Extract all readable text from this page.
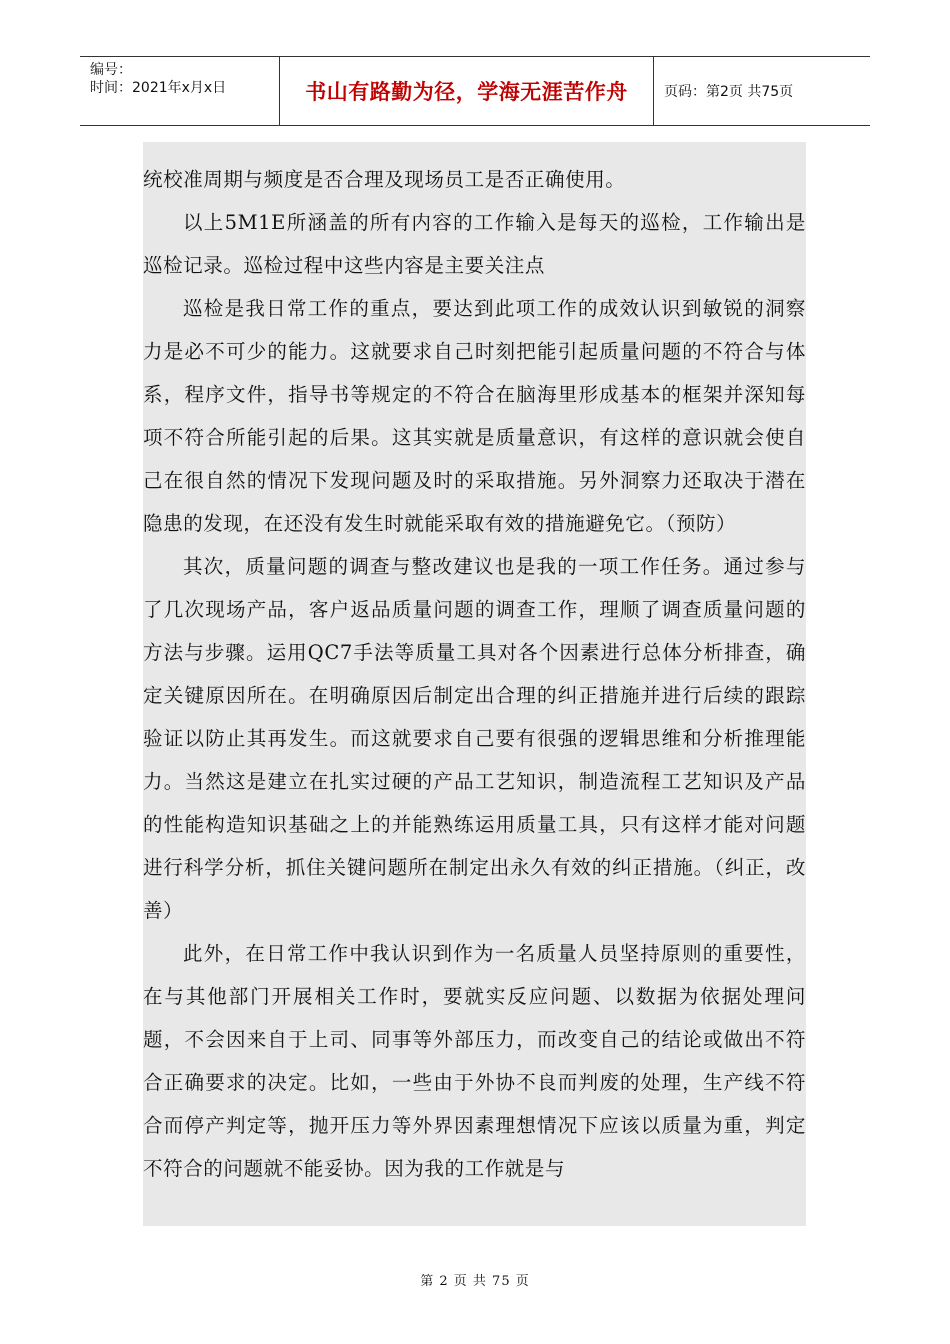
编号：
时间：2021年x月x日	书山有路勤为径，学海无涯苦作舟	页码：第2页 共75页

统校准周期与频度是否合理及现场员工是否正确使用。

以上5M1E所涵盖的所有内容的工作输入是每天的巡检，工作输出是巡检记录。巡检过程中这些内容是主要关注点

巡检是我日常工作的重点，要达到此项工作的成效认识到敏锐的洞察力是必不可少的能力。这就要求自己时刻把能引起质量问题的不符合与体系，程序文件，指导书等规定的不符合在脑海里形成基本的框架并深知每项不符合所能引起的后果。这其实就是质量意识，有这样的意识就会使自己在很自然的情况下发现问题及时的采取措施。另外洞察力还取决于潜在隐患的发现，在还没有发生时就能采取有效的措施避免它。（预防）

其次，质量问题的调查与整改建议也是我的一项工作任务。通过参与了几次现场产品，客户返品质量问题的调查工作，理顺了调查质量问题的方法与步骤。运用QC7手法等质量工具对各个因素进行总体分析排查，确定关键原因所在。在明确原因后制定出合理的纠正措施并进行后续的跟踪验证以防止其再发生。而这就要求自己要有很强的逻辑思维和分析推理能力。当然这是建立在扎实过硬的产品工艺知识，制造流程工艺知识及产品的性能构造知识基础之上的并能熟练运用质量工具，只有这样才能对问题进行科学分析，抓住关键问题所在制定出永久有效的纠正措施。（纠正，改善）

此外，在日常工作中我认识到作为一名质量人员坚持原则的重要性，在与其他部门开展相关工作时，要就实反应问题、以数据为依据处理问题，不会因来自于上司、同事等外部压力，而改变自己的结论或做出不符合正确要求的决定。比如，一些由于外协不良而判废的处理，生产线不符合而停产判定等，抛开压力等外界因素理想情况下应该以质量为重，判定不符合的问题就不能妥协。因为我的工作就是与

第 2 页 共 75 页
